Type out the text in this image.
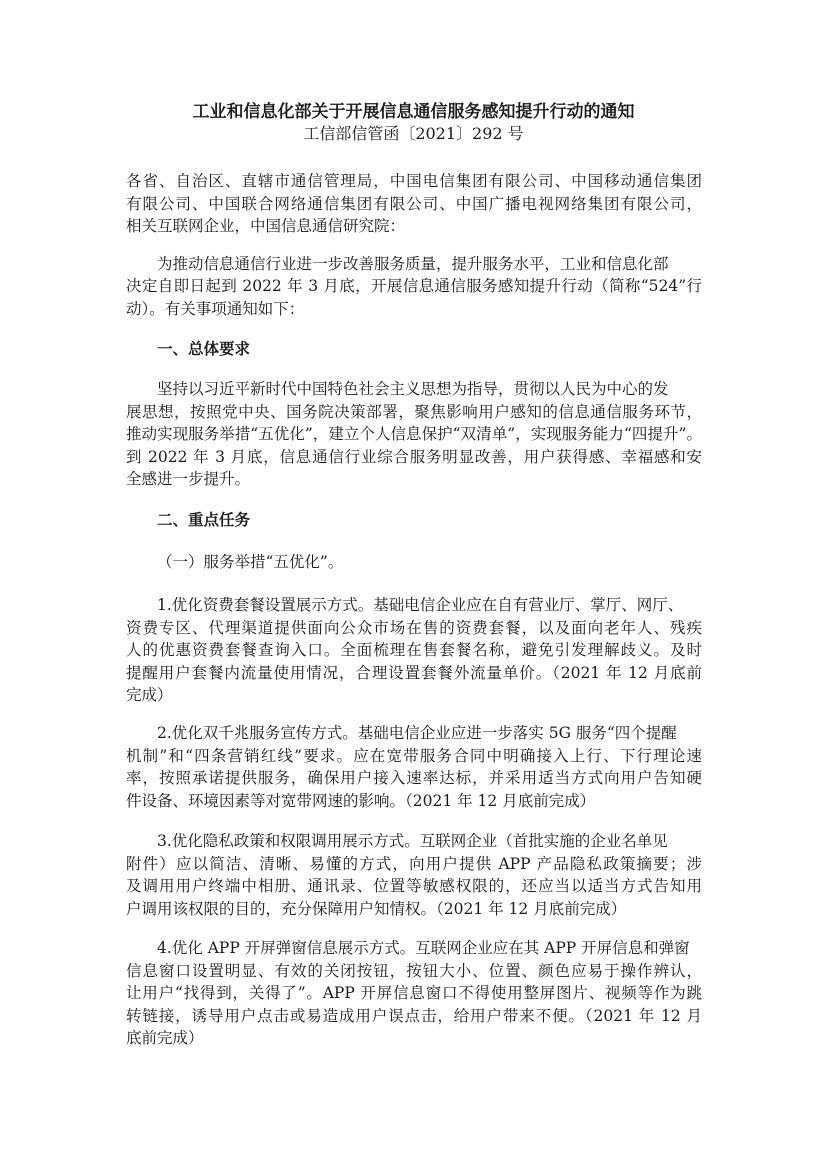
工业和信息化部关于开展信息通信服务感知提升行动的通知
工信部信管函〔2021〕292 号
各省、自治区、直辖市通信管理局，中国电信集团有限公司、中国移动通信集团
有限公司、中国联合网络通信集团有限公司、中国广播电视网络集团有限公司，
相关互联网企业，中国信息通信研究院：
为推动信息通信行业进一步改善服务质量，提升服务水平，工业和信息化部
决定自即日起到 2022 年 3 月底，开展信息通信服务感知提升行动（简称“524”行
动）。有关事项通知如下：
一、总体要求
坚持以习近平新时代中国特色社会主义思想为指导，贯彻以人民为中心的发
展思想，按照党中央、国务院决策部署，聚焦影响用户感知的信息通信服务环节，
推动实现服务举措“五优化”，建立个人信息保护“双清单”，实现服务能力“四提升”。
到 2022 年 3 月底，信息通信行业综合服务明显改善，用户获得感、幸福感和安
全感进一步提升。
二、重点任务
（一）服务举措“五优化”。
1.优化资费套餐设置展示方式。基础电信企业应在自有营业厅、掌厅、网厅、
资费专区、代理渠道提供面向公众市场在售的资费套餐，以及面向老年人、残疾
人的优惠资费套餐查询入口。全面梳理在售套餐名称，避免引发理解歧义。及时
提醒用户套餐内流量使用情况，合理设置套餐外流量单价。（2021 年 12 月底前
完成）
2.优化双千兆服务宣传方式。基础电信企业应进一步落实 5G 服务“四个提醒
机制”和“四条营销红线”要求。应在宽带服务合同中明确接入上行、下行理论速
率，按照承诺提供服务，确保用户接入速率达标，并采用适当方式向用户告知硬
件设备、环境因素等对宽带网速的影响。（2021 年 12 月底前完成）
3.优化隐私政策和权限调用展示方式。互联网企业（首批实施的企业名单见
附件）应以简洁、清晰、易懂的方式，向用户提供 APP 产品隐私政策摘要；涉
及调用用户终端中相册、通讯录、位置等敏感权限的，还应当以适当方式告知用
户调用该权限的目的，充分保障用户知情权。（2021 年 12 月底前完成）
4.优化 APP 开屏弹窗信息展示方式。互联网企业应在其 APP 开屏信息和弹窗
信息窗口设置明显、有效的关闭按钮，按钮大小、位置、颜色应易于操作辨认，
让用户“找得到，关得了”。APP 开屏信息窗口不得使用整屏图片、视频等作为跳
转链接，诱导用户点击或易造成用户误点击，给用户带来不便。（2021 年 12 月
底前完成）
